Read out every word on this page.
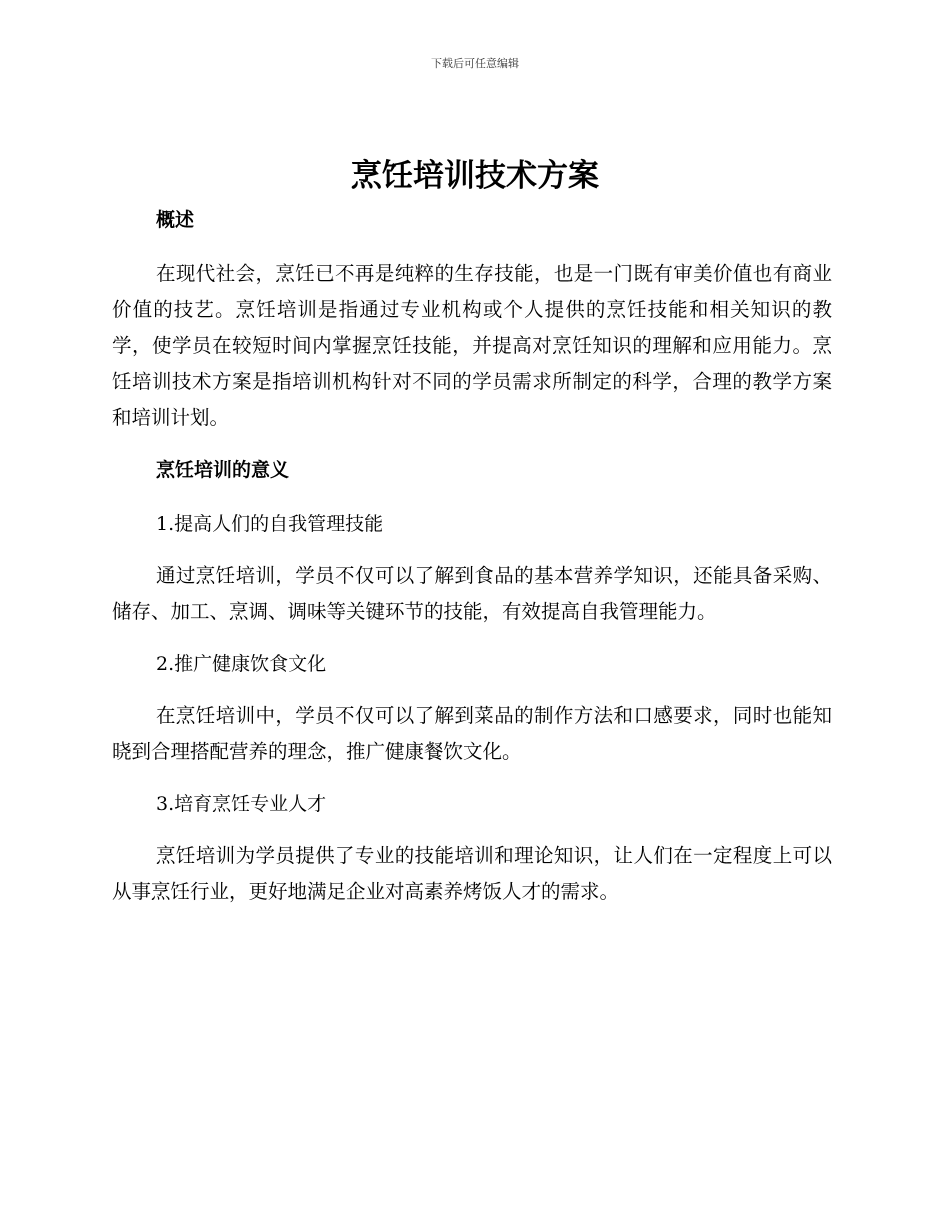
下载后可任意编辑
烹饪培训技术方案
概述
在现代社会，烹饪已不再是纯粹的生存技能，也是一门既有审美价值也有商业价值的技艺。烹饪培训是指通过专业机构或个人提供的烹饪技能和相关知识的教学，使学员在较短时间内掌握烹饪技能，并提高对烹饪知识的理解和应用能力。烹饪培训技术方案是指培训机构针对不同的学员需求所制定的科学，合理的教学方案和培训计划。
烹饪培训的意义
1.提高人们的自我管理技能
通过烹饪培训，学员不仅可以了解到食品的基本营养学知识，还能具备采购、储存、加工、烹调、调味等关键环节的技能，有效提高自我管理能力。
2.推广健康饮食文化
在烹饪培训中，学员不仅可以了解到菜品的制作方法和口感要求，同时也能知晓到合理搭配营养的理念，推广健康餐饮文化。
3.培育烹饪专业人才
烹饪培训为学员提供了专业的技能培训和理论知识，让人们在一定程度上可以从事烹饪行业，更好地满足企业对高素养烤饭人才的需求。
